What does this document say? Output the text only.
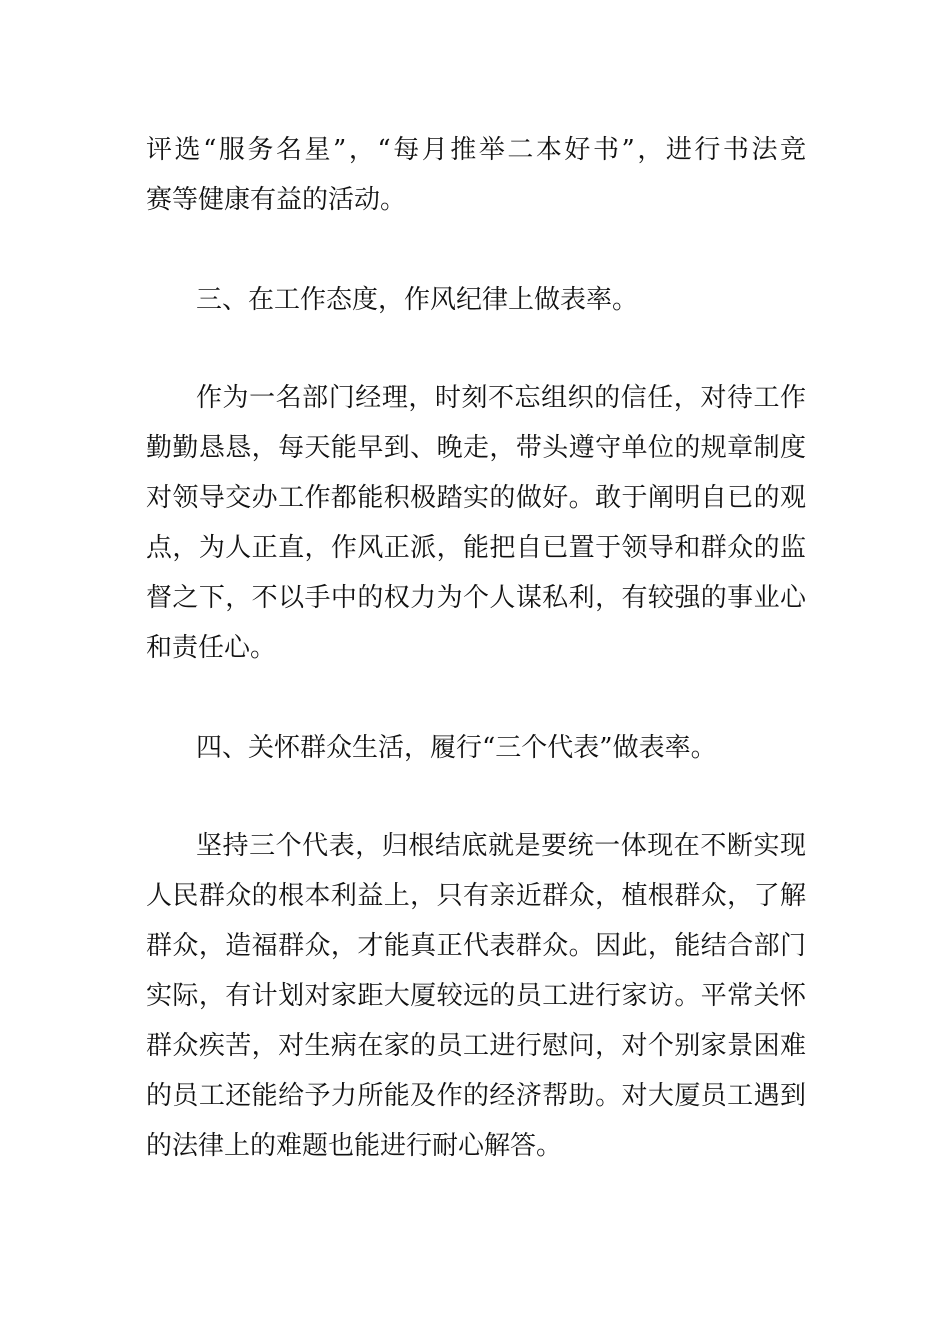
评选“服务名星”，“每月推举二本好书”，进行书法竞
赛等健康有益的活动。
三、在工作态度，作风纪律上做表率。
作为一名部门经理，时刻不忘组织的信任，对待工作
勤勤恳恳，每天能早到、晚走，带头遵守单位的规章制度
对领导交办工作都能积极踏实的做好。敢于阐明自已的观
点，为人正直，作风正派，能把自已置于领导和群众的监
督之下，不以手中的权力为个人谋私利，有较强的事业心
和责任心。
四、关怀群众生活，履行“三个代表”做表率。
坚持三个代表，归根结底就是要统一体现在不断实现
人民群众的根本利益上，只有亲近群众，植根群众，了解
群众，造福群众，才能真正代表群众。因此，能结合部门
实际，有计划对家距大厦较远的员工进行家访。平常关怀
群众疾苦，对生病在家的员工进行慰问，对个别家景困难
的员工还能给予力所能及作的经济帮助。对大厦员工遇到
的法律上的难题也能进行耐心解答。
